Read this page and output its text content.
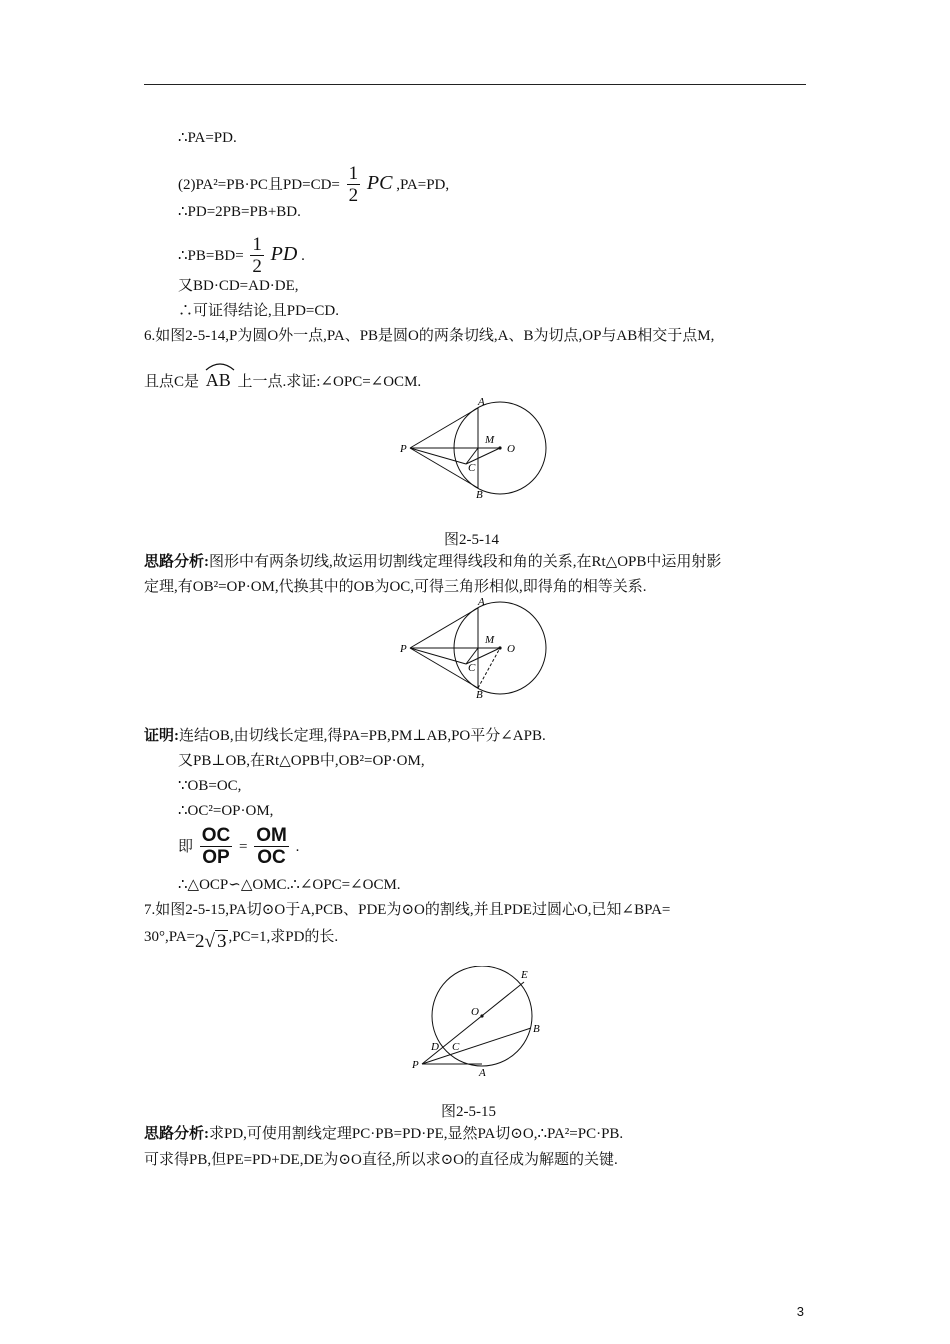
∴PA=PD.
(2)PA²=PB·PC且$PD=CD= \frac{1}{2}$ PC ,PA=PD,
∴PD=2PB=PB+BD.
∴PB=BD= $\frac{1}{2}$ PD .
又BD·CD=AD·DE,
∴可证得结论,且PD=CD.
6.如图2-5-14,P为圆O外一点,PA、PB是圆O的两条切线,A、B为切点,OP与AB相交于点M,
且点C是 AB 上一点.求证:∠OPC=∠OCM.
P
A
B
M
O
C
图2-5-14
思路分析:图形中有两条切线,故运用切割线定理得线段和角的关系,在Rt△OPB中运用射影
定理,有OB²=OP·OM,代换其中的OB为OC,可得三角形相似,即得角的相等关系.
P
A
B
M
O
C
证明:连结OB,由切线长定理,得PA=PB,PM⊥AB,PO平分∠APB.
又PB⊥OB,在Rt△OPB中,OB²=OP·OM,
∵OB=OC,
∴OC²=OP·OM,
即 $\frac{OC}{OP} = \frac{OM}{OC}$ .
∴△OCP∽△OMC.∴∠OPC=∠OCM.
7.如图2-5-15,PA切⊙O于A,PCB、PDE为⊙O的割线,并且PDE过圆心O,已知∠BPA=
30°,PA=2√ 3 ,PC=1,求PD的长.
P
A
B
C
D
O
E
图2-5-15
思路分析:求PD,可使用割线定理PC·PB=PD·PE,显然PA切⊙O,∴PA²=PC·PB.
可求得PB,但PE=PD+DE,DE为⊙O直径,所以求⊙O的直径成为解题的关键.
3
